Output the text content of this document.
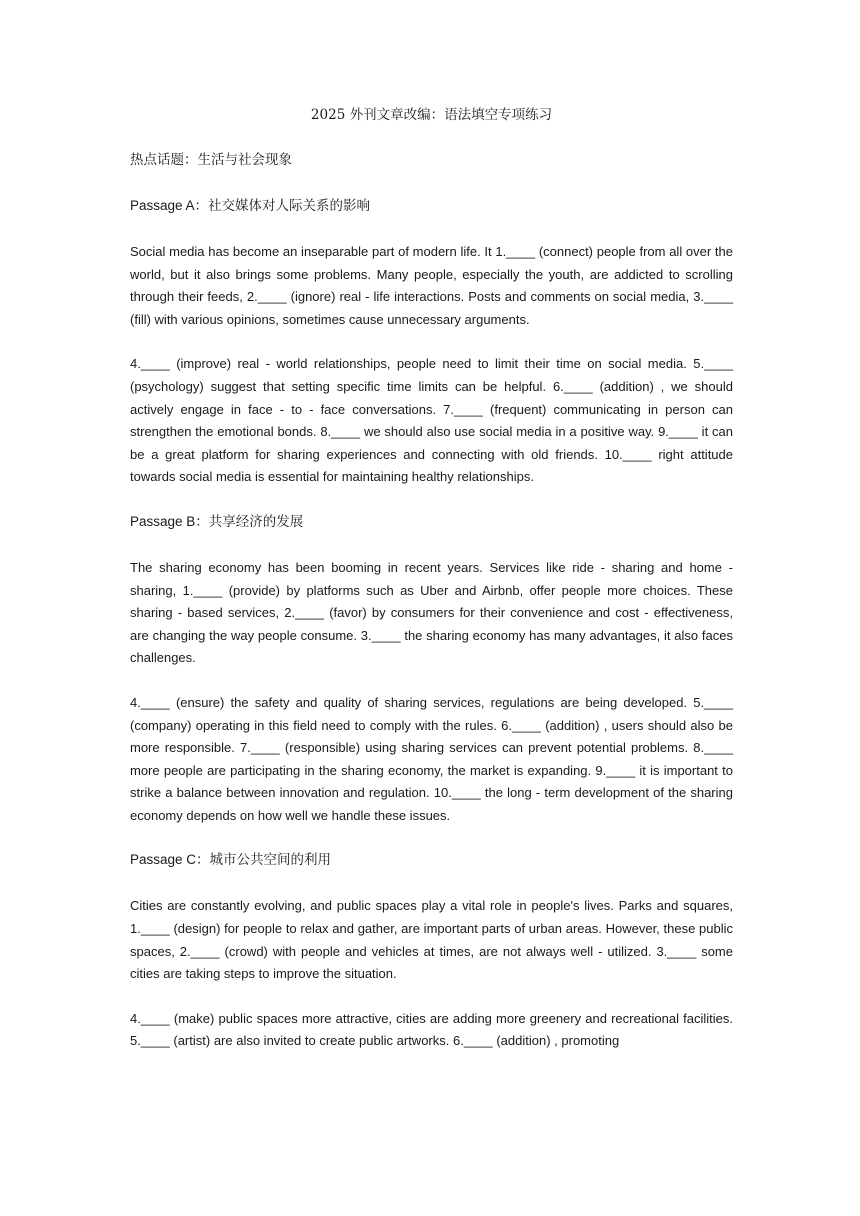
2025 外刊文章改编：语法填空专项练习

热点话题：生活与社会现象

Passage A：社交媒体对人际关系的影响

Social media has become an inseparable part of modern life. It 1.____ (connect) people from all over the world, but it also brings some problems. Many people, especially the youth, are addicted to scrolling through their feeds, 2.____ (ignore) real - life interactions. Posts and comments on social media, 3.____ (fill) with various opinions, sometimes cause unnecessary arguments.

4.____ (improve) real - world relationships, people need to limit their time on social media. 5.____ (psychology) suggest that setting specific time limits can be helpful. 6.____ (addition) , we should actively engage in face - to - face conversations. 7.____ (frequent) communicating in person can strengthen the emotional bonds. 8.____ we should also use social media in a positive way. 9.____ it can be a great platform for sharing experiences and connecting with old friends. 10.____ right attitude towards social media is essential for maintaining healthy relationships.

Passage B：共享经济的发展

The sharing economy has been booming in recent years. Services like ride - sharing and home - sharing, 1.____ (provide) by platforms such as Uber and Airbnb, offer people more choices. These sharing - based services, 2.____ (favor) by consumers for their convenience and cost - effectiveness, are changing the way people consume. 3.____ the sharing economy has many advantages, it also faces challenges.

4.____ (ensure) the safety and quality of sharing services, regulations are being developed. 5.____ (company) operating in this field need to comply with the rules. 6.____ (addition) , users should also be more responsible. 7.____ (responsible) using sharing services can prevent potential problems. 8.____ more people are participating in the sharing economy, the market is expanding. 9.____ it is important to strike a balance between innovation and regulation. 10.____ the long - term development of the sharing economy depends on how well we handle these issues.

Passage C：城市公共空间的利用

Cities are constantly evolving, and public spaces play a vital role in people's lives. Parks and squares, 1.____ (design) for people to relax and gather, are important parts of urban areas. However, these public spaces, 2.____ (crowd) with people and vehicles at times, are not always well - utilized. 3.____ some cities are taking steps to improve the situation.

4.____ (make) public spaces more attractive, cities are adding more greenery and recreational facilities. 5.____ (artist) are also invited to create public artworks. 6.____ (addition) , promoting
